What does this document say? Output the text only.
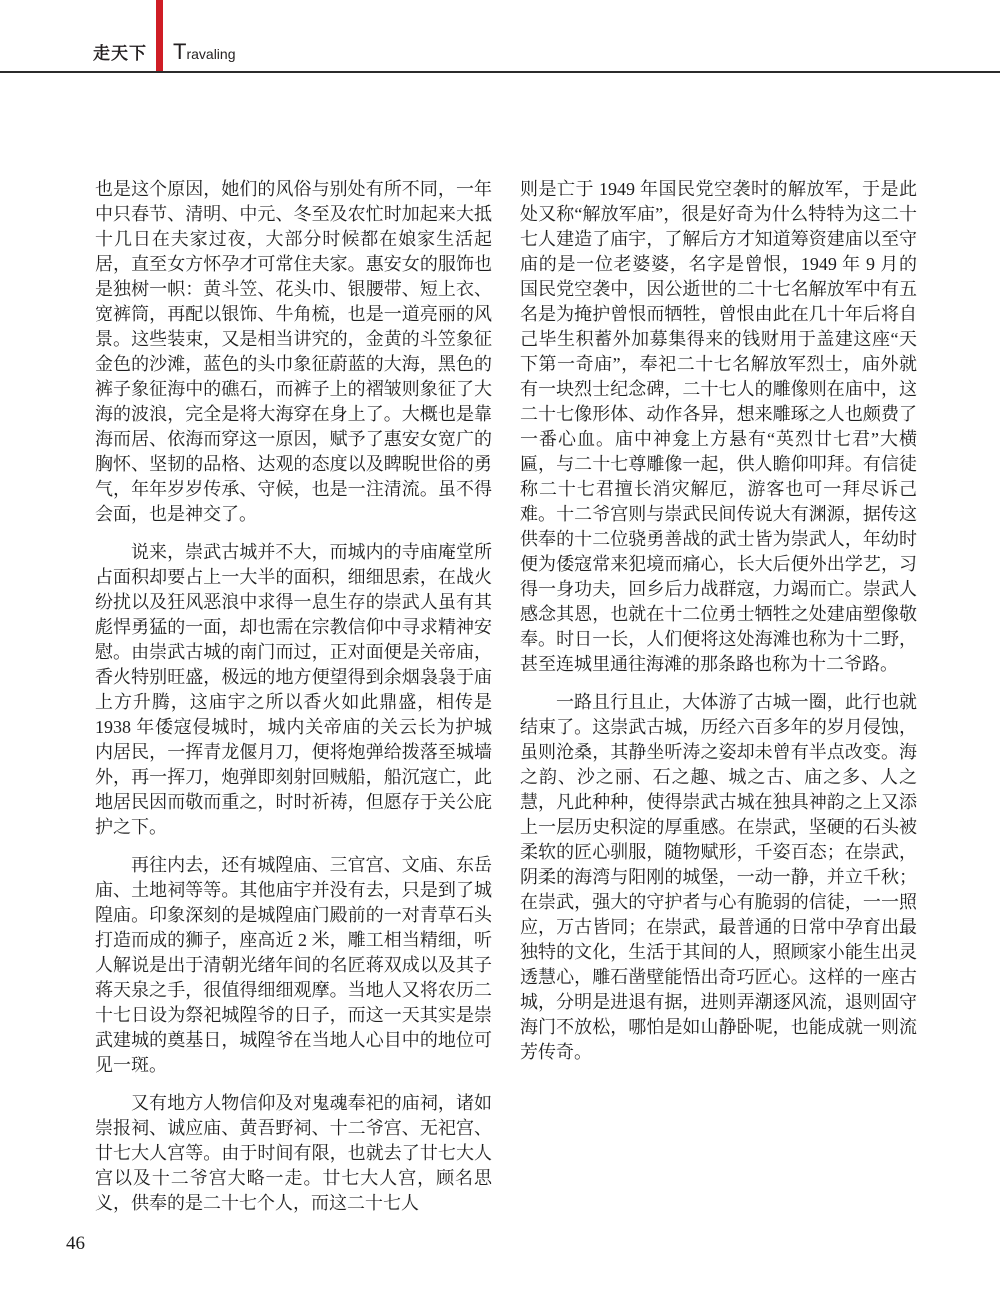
走天下 Travaling

也是这个原因，她们的风俗与别处有所不同，一年中只春节、清明、中元、冬至及农忙时加起来大抵十几日在夫家过夜，大部分时候都在娘家生活起居，直至女方怀孕才可常住夫家。惠安女的服饰也是独树一帜：黄斗笠、花头巾、银腰带、短上衣、宽裤筒，再配以银饰、牛角梳，也是一道亮丽的风景。这些装束，又是相当讲究的，金黄的斗笠象征金色的沙滩，蓝色的头巾象征蔚蓝的大海，黑色的裤子象征海中的礁石，而裤子上的褶皱则象征了大海的波浪，完全是将大海穿在身上了。大概也是靠海而居、依海而穿这一原因，赋予了惠安女宽广的胸怀、坚韧的品格、达观的态度以及睥睨世俗的勇气，年年岁岁传承、守候，也是一注清流。虽不得会面，也是神交了。

说来，崇武古城并不大，而城内的寺庙庵堂所占面积却要占上一大半的面积，细细思索，在战火纷扰以及狂风恶浪中求得一息生存的崇武人虽有其彪悍勇猛的一面，却也需在宗教信仰中寻求精神安慰。由崇武古城的南门而过，正对面便是关帝庙，香火特别旺盛，极远的地方便望得到余烟袅袅于庙上方升腾，这庙宇之所以香火如此鼎盛，相传是 1938 年倭寇侵城时，城内关帝庙的关云长为护城内居民，一挥青龙偃月刀，便将炮弹给拨落至城墙外，再一挥刀，炮弹即刻射回贼船，船沉寇亡，此地居民因而敬而重之，时时祈祷，但愿存于关公庇护之下。

再往内去，还有城隍庙、三官宫、文庙、东岳庙、土地祠等等。其他庙宇并没有去，只是到了城隍庙。印象深刻的是城隍庙门殿前的一对青草石头打造而成的狮子，座高近 2 米，雕工相当精细，听人解说是出于清朝光绪年间的名匠蒋双成以及其子蒋天泉之手，很值得细细观摩。当地人又将农历二十七日设为祭祀城隍爷的日子，而这一天其实是崇武建城的奠基日，城隍爷在当地人心目中的地位可见一斑。

又有地方人物信仰及对鬼魂奉祀的庙祠，诸如崇报祠、诚应庙、黄吾野祠、十二爷宫、无祀宫、廿七大人宫等。由于时间有限，也就去了廿七大人宫以及十二爷宫大略一走。廿七大人宫，顾名思义，供奉的是二十七个人，而这二十七人

则是亡于 1949 年国民党空袭时的解放军，于是此处又称“解放军庙”，很是好奇为什么特特为这二十七人建造了庙宇，了解后方才知道筹资建庙以至守庙的是一位老婆婆，名字是曾恨，1949 年 9 月的国民党空袭中，因公逝世的二十七名解放军中有五名是为掩护曾恨而牺牲，曾恨由此在几十年后将自己毕生积蓄外加募集得来的钱财用于盖建这座“天下第一奇庙”，奉祀二十七名解放军烈士，庙外就有一块烈士纪念碑，二十七人的雕像则在庙中，这二十七像形体、动作各异，想来雕琢之人也颇费了一番心血。庙中神龛上方悬有“英烈廿七君”大横匾，与二十七尊雕像一起，供人瞻仰叩拜。有信徒称二十七君擅长消灾解厄，游客也可一拜尽诉己难。十二爷宫则与崇武民间传说大有渊源，据传这供奉的十二位骁勇善战的武士皆为崇武人，年幼时便为倭寇常来犯境而痛心，长大后便外出学艺，习得一身功夫，回乡后力战群寇，力竭而亡。崇武人感念其恩，也就在十二位勇士牺牲之处建庙塑像敬奉。时日一长，人们便将这处海滩也称为十二野，甚至连城里通往海滩的那条路也称为十二爷路。

一路且行且止，大体游了古城一圈，此行也就结束了。这崇武古城，历经六百多年的岁月侵蚀，虽则沧桑，其静坐听涛之姿却未曾有半点改变。海之韵、沙之丽、石之趣、城之古、庙之多、人之慧，凡此种种，使得崇武古城在独具神韵之上又添上一层历史积淀的厚重感。在崇武，坚硬的石头被柔软的匠心驯服，随物赋形，千姿百态；在崇武，阴柔的海湾与阳刚的城堡，一动一静，并立千秋；在崇武，强大的守护者与心有脆弱的信徒，一一照应，万古皆同；在崇武，最普通的日常中孕育出最独特的文化，生活于其间的人，照顾家小能生出灵透慧心，雕石凿壁能悟出奇巧匠心。这样的一座古城，分明是进退有据，进则弄潮逐风流，退则固守海门不放松，哪怕是如山静卧呢，也能成就一则流芳传奇。

46
